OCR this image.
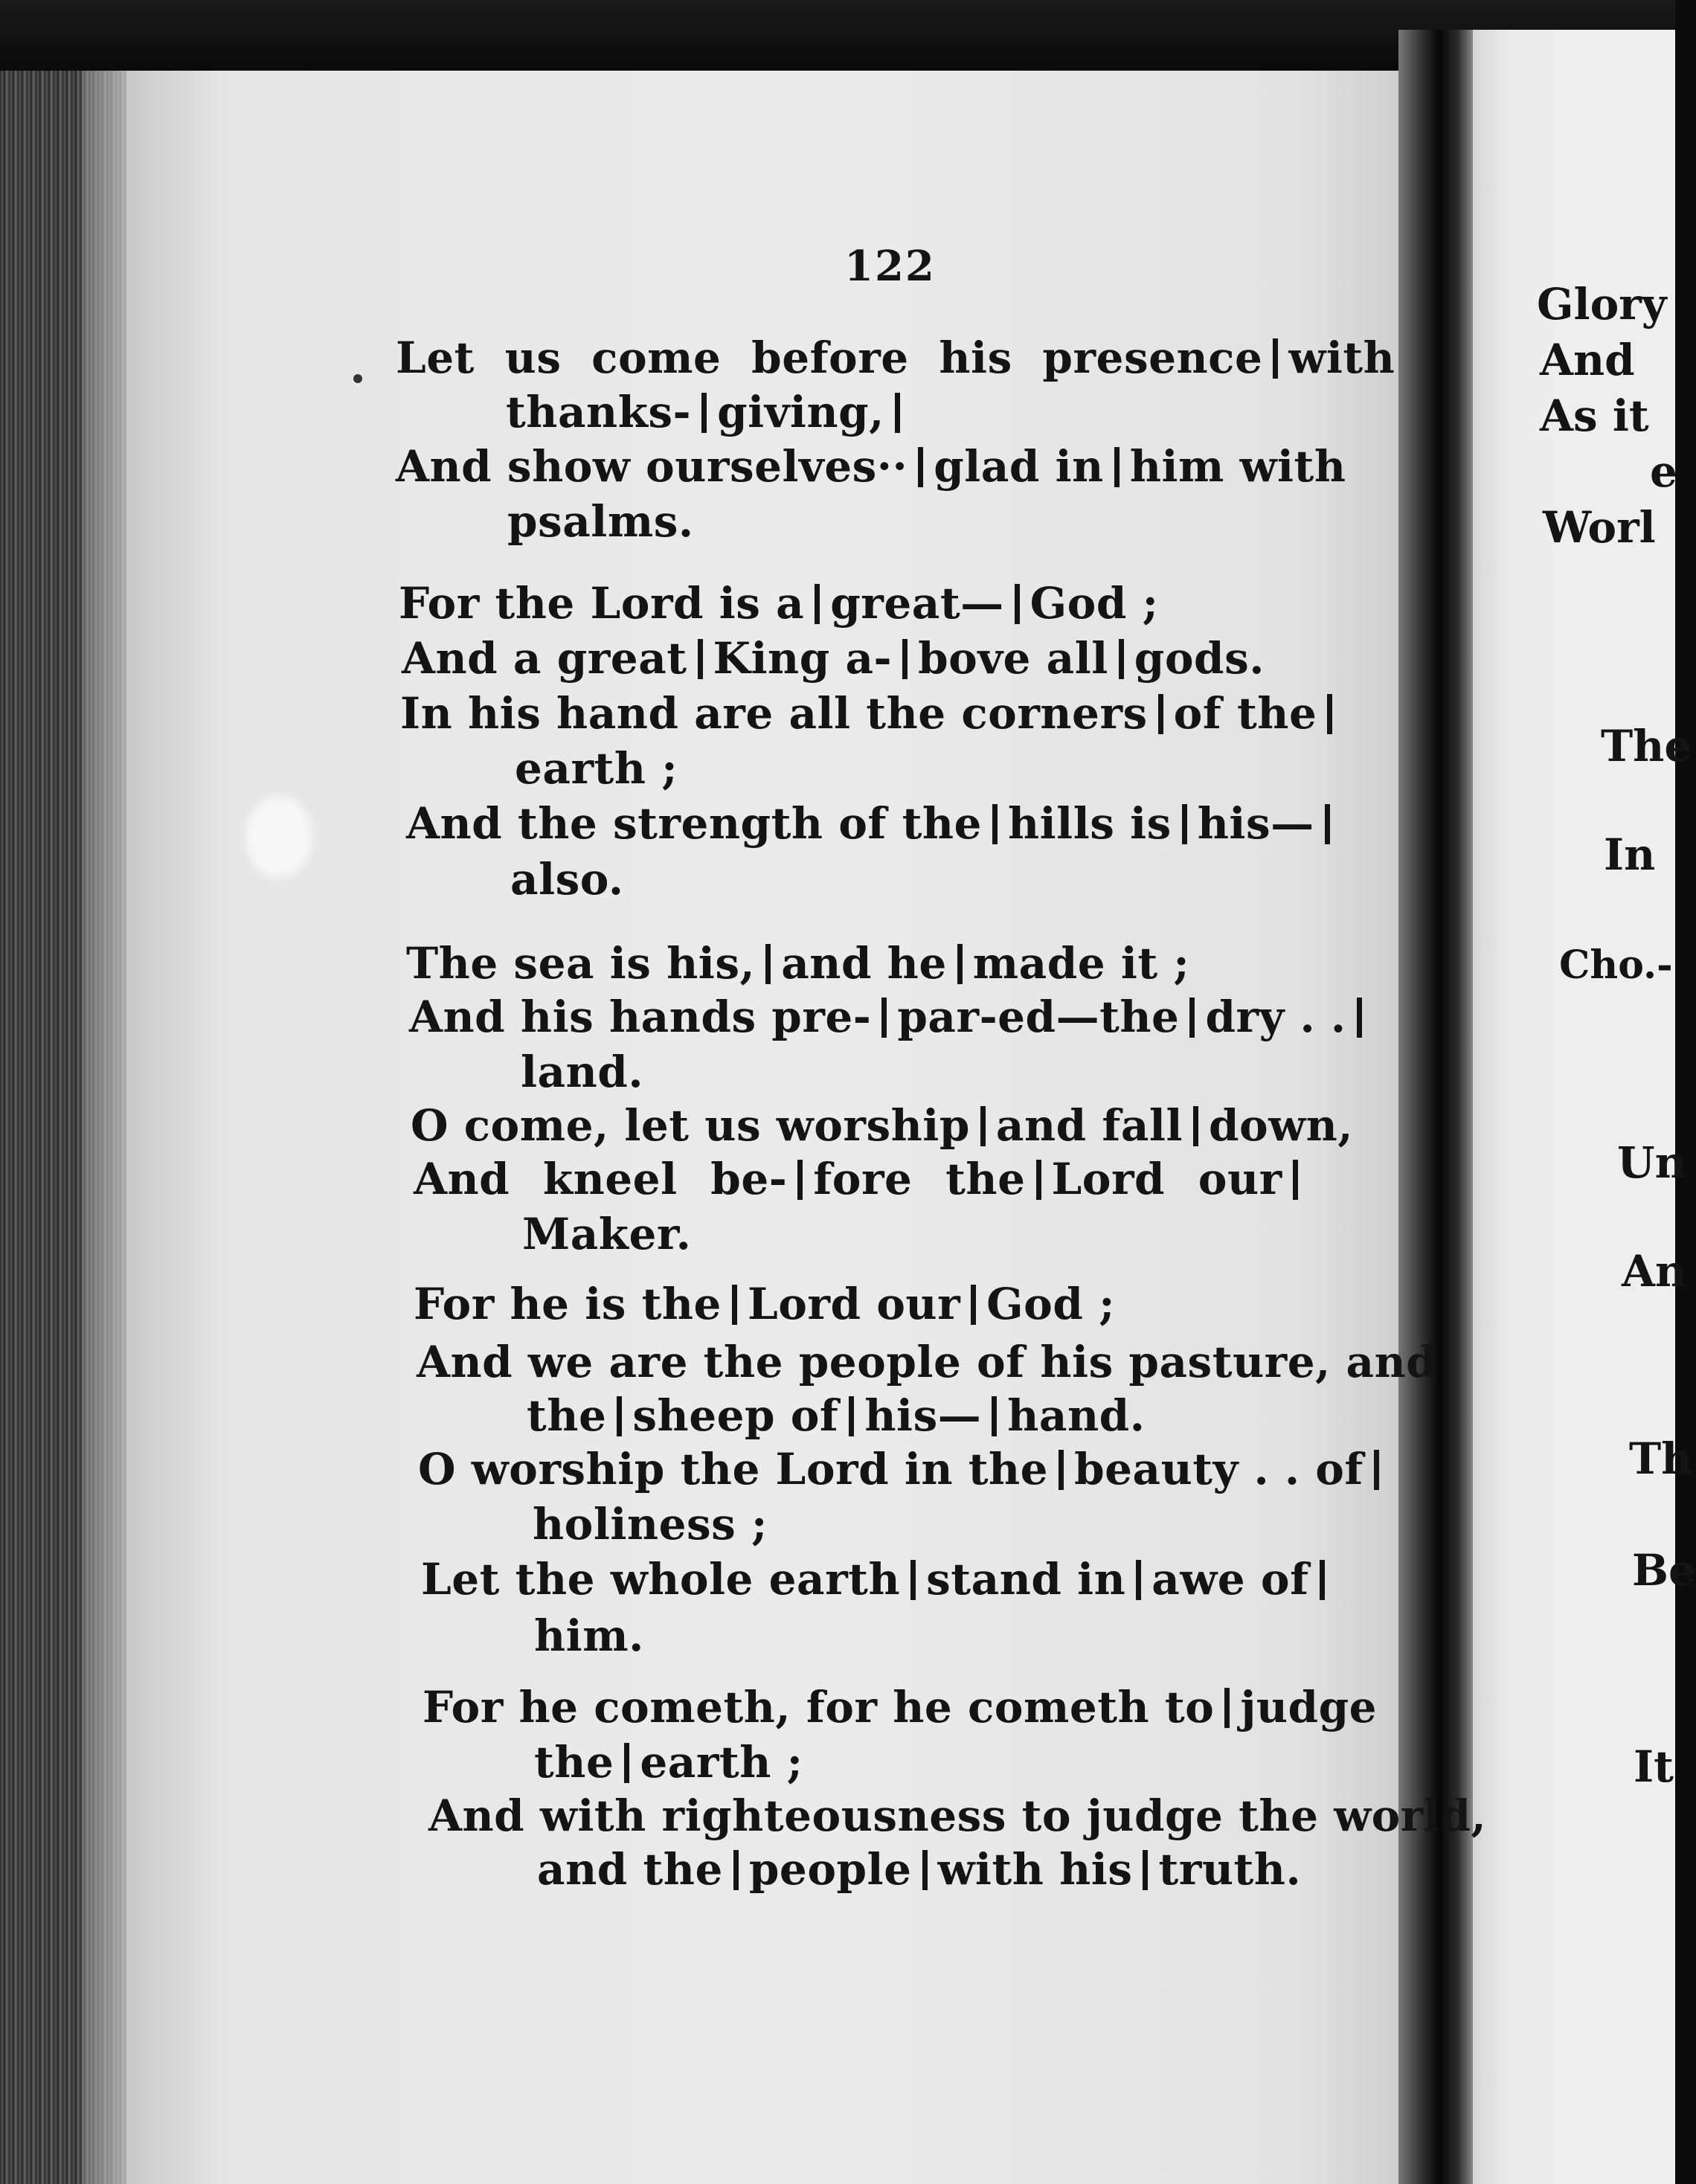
122
Let us come before his presence with
thanks- giving,
And show ourselves·· glad in him with
psalms.
For the Lord is a great— God ;
And a great King a- bove all gods.
In his hand are all the corners of the
earth ;
And the strength of the hills is his—
also.
The sea is his, and he made it ;
And his hands pre- par-ed—the dry . .
land.
O come, let us worship and fall down,
And kneel be- fore the Lord our
Maker.
For he is the Lord our God ;
And we are the people of his pasture, and
the sheep of his— hand.
O worship the Lord in the beauty . . of
holiness ;
Let the whole earth stand in awe of
him.
For he cometh, for he cometh to judge
the earth ;
And with righteousness to judge the world,
and the people with his truth.
Glory
And
As it
e
Worl
The
In
Cho.-
Un
An
Th
Be
It
